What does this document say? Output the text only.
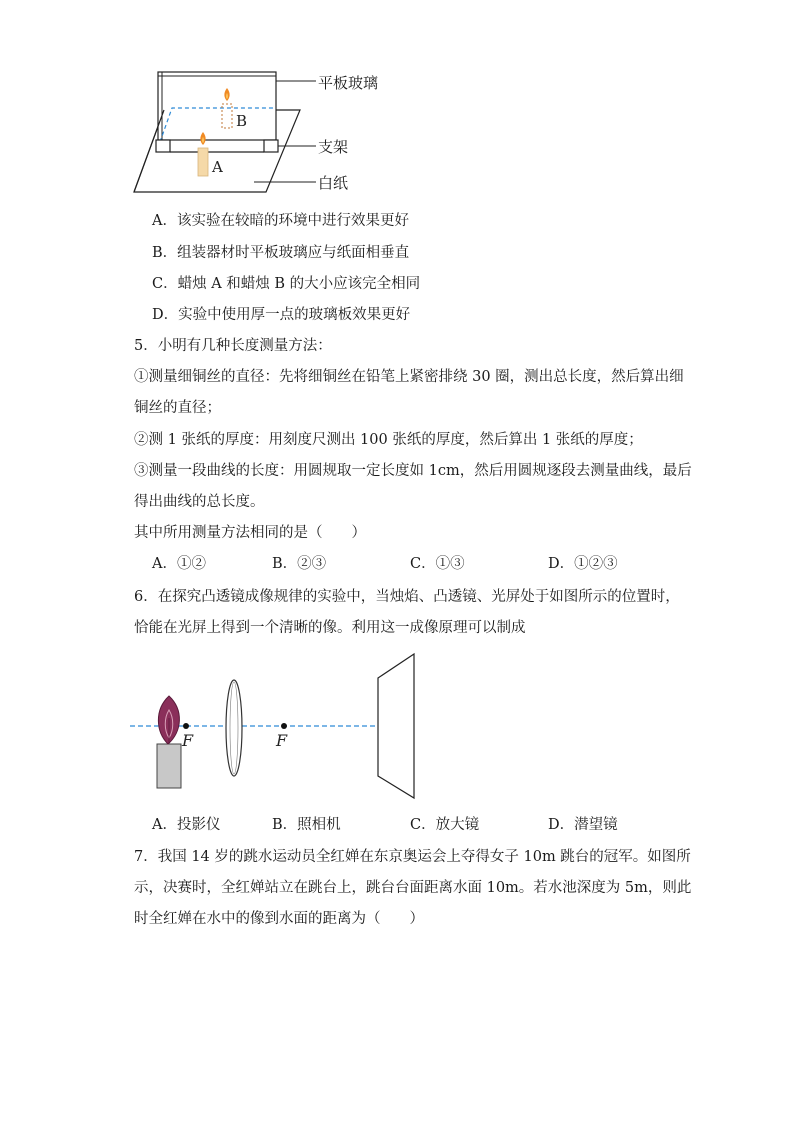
B
A
平板玻璃
支架
白纸
A．该实验在较暗的环境中进行效果更好
B．组装器材时平板玻璃应与纸面相垂直
C．蜡烛 A 和蜡烛 B 的大小应该完全相同
D．实验中使用厚一点的玻璃板效果更好
5．小明有几种长度测量方法：
①测量细铜丝的直径：先将细铜丝在铅笔上紧密排绕 30 圈，测出总长度，然后算出细
铜丝的直径；
②测 1 张纸的厚度：用刻度尺测出 100 张纸的厚度，然后算出 1 张纸的厚度；
③测量一段曲线的长度：用圆规取一定长度如 1cm，然后用圆规逐段去测量曲线，最后
得出曲线的总长度。
其中所用测量方法相同的是（　　）
A．①②	B．②③	C．①③	D．①②③
6．在探究凸透镜成像规律的实验中，当烛焰、凸透镜、光屏处于如图所示的位置时，
恰能在光屏上得到一个清晰的像。利用这一成像原理可以制成
F	F
A．投影仪	B．照相机	C．放大镜	D．潜望镜
7．我国 14 岁的跳水运动员全红婵在东京奥运会上夺得女子 10m 跳台的冠军。如图所
示，决赛时，全红婵站立在跳台上，跳台台面距离水面 10m。若水池深度为 5m，则此
时全红婵在水中的像到水面的距离为（　　）
